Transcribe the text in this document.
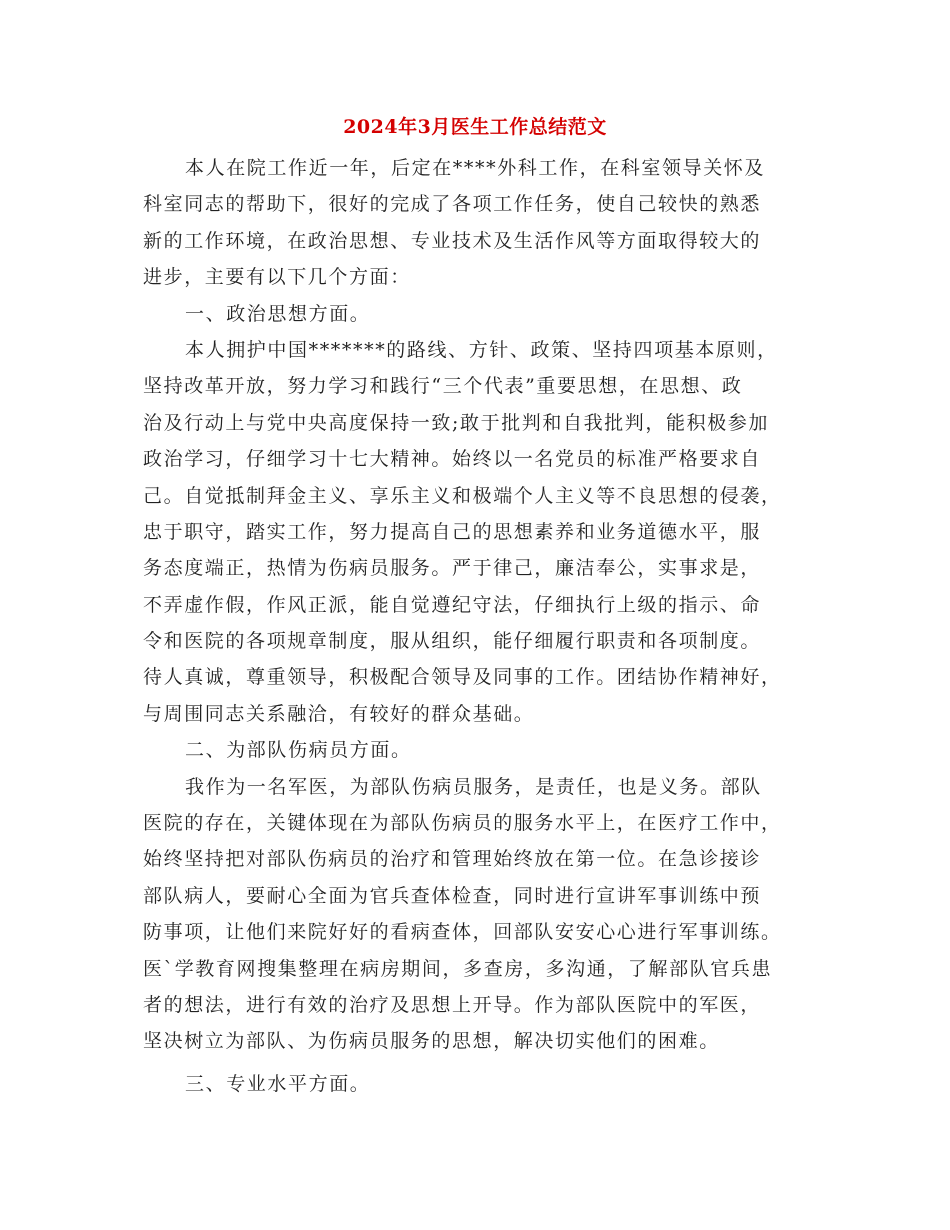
2024年3月医生工作总结范文
本人在院工作近一年，后定在****外科工作，在科室领导关怀及
科室同志的帮助下，很好的完成了各项工作任务，使自己较快的熟悉
新的工作环境，在政治思想、专业技术及生活作风等方面取得较大的
进步，主要有以下几个方面：
一、政治思想方面。
本人拥护中国*******的路线、方针、政策、坚持四项基本原则，
坚持改革开放，努力学习和践行“三个代表”重要思想，在思想、政
治及行动上与党中央高度保持一致;敢于批判和自我批判，能积极参加
政治学习，仔细学习十七大精神。始终以一名党员的标准严格要求自
己。自觉抵制拜金主义、享乐主义和极端个人主义等不良思想的侵袭，
忠于职守，踏实工作，努力提高自己的思想素养和业务道德水平，服
务态度端正，热情为伤病员服务。严于律己，廉洁奉公，实事求是，
不弄虚作假，作风正派，能自觉遵纪守法，仔细执行上级的指示、命
令和医院的各项规章制度，服从组织，能仔细履行职责和各项制度。
待人真诚，尊重领导，积极配合领导及同事的工作。团结协作精神好，
与周围同志关系融洽，有较好的群众基础。
二、为部队伤病员方面。
我作为一名军医，为部队伤病员服务，是责任，也是义务。部队
医院的存在，关键体现在为部队伤病员的服务水平上，在医疗工作中，
始终坚持把对部队伤病员的治疗和管理始终放在第一位。在急诊接诊
部队病人，要耐心全面为官兵查体检查，同时进行宣讲军事训练中预
防事项，让他们来院好好的看病查体，回部队安安心心进行军事训练。
医`学教育网搜集整理在病房期间，多查房，多沟通，了解部队官兵患
者的想法，进行有效的治疗及思想上开导。作为部队医院中的军医，
坚决树立为部队、为伤病员服务的思想，解决切实他们的困难。
三、专业水平方面。
